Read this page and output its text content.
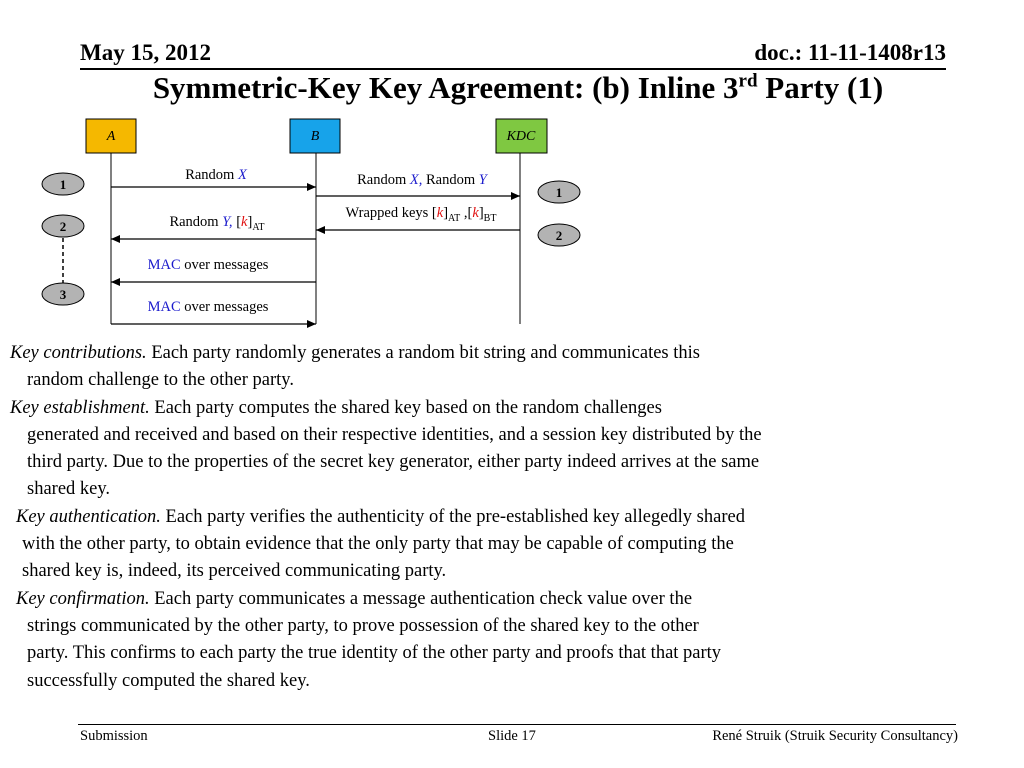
May 15, 2012	doc.: 11-11-1408r13
Symmetric-Key Key Agreement: (b) Inline 3rd Party (1)
A	B	KDC
Random X
Random Y, $[k]_{AT}$
MAC over messages
MAC over messages
Random X, Random Y
Wrapped keys $[k]_{AT}$ $,[k]_{BT}$
1
2
3
1
2

Key contributions. Each party randomly generates a random bit string and communicates this
random challenge to the other party.

Key establishment. Each party computes the shared key based on the random challenges
generated and received and based on their respective identities, and a session key distributed by the
third party. Due to the properties of the secret key generator, either party indeed arrives at the same
shared key.

Key authentication. Each party verifies the authenticity of the pre-established key allegedly shared
with the other party, to obtain evidence that the only party that may be capable of computing the
shared key is, indeed, its perceived communicating party.

Key confirmation. Each party communicates a message authentication check value over the
strings communicated by the other party, to prove possession of the shared key to the other
party. This confirms to each party the true identity of the other party and proofs that that party
successfully computed the shared key.

Submission	Slide 17	René Struik (Struik Security Consultancy)
